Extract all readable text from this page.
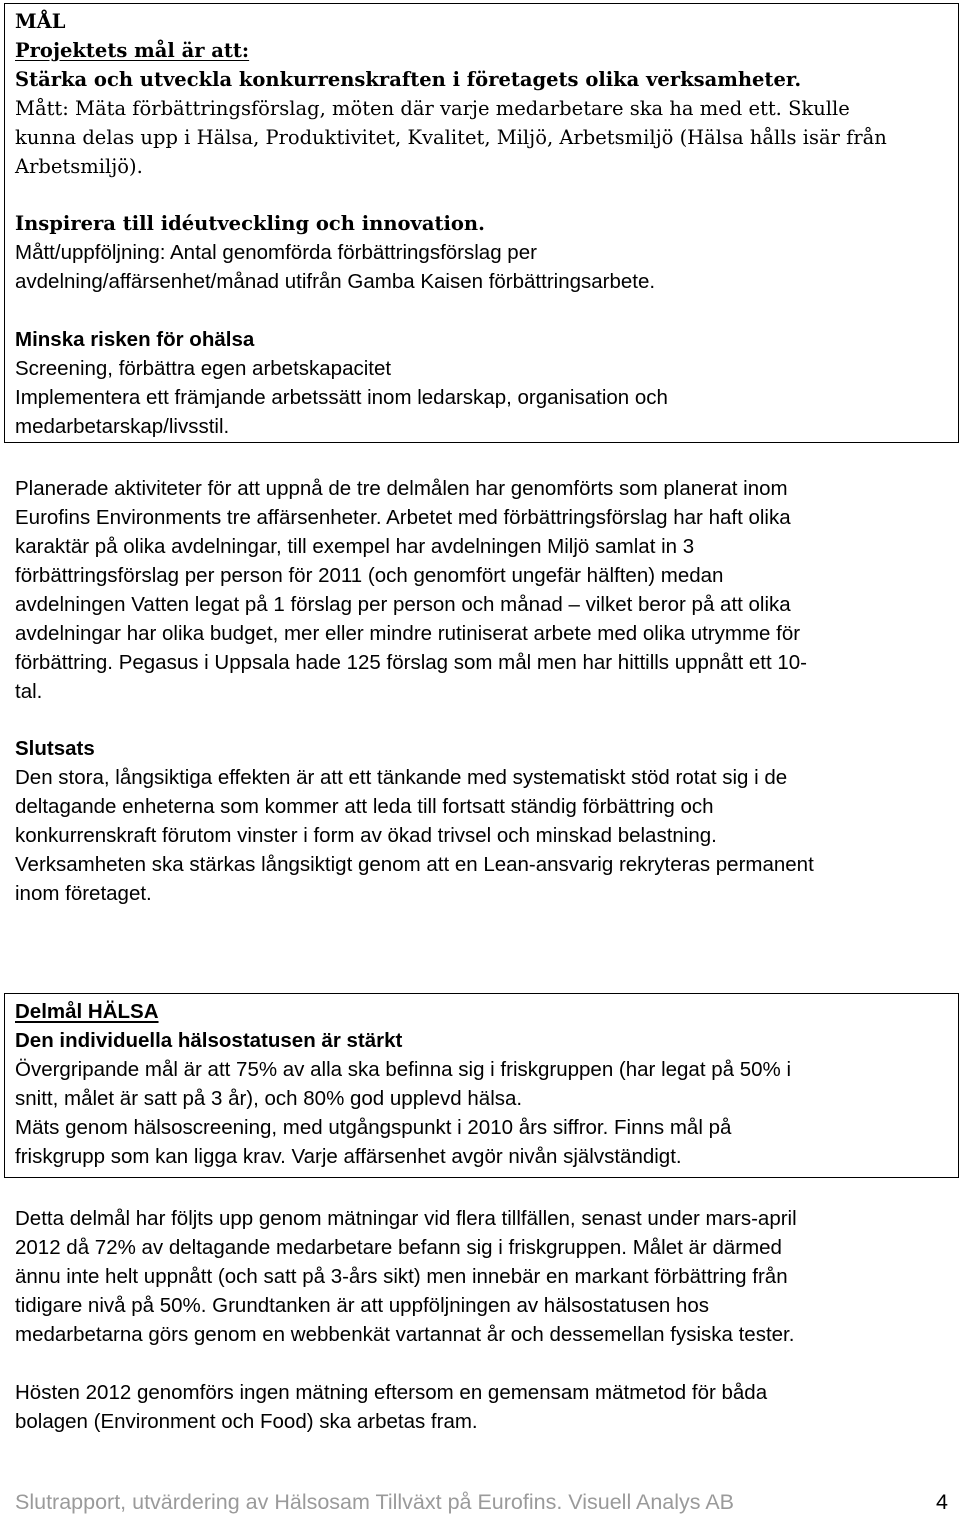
MÅL
Projektets mål är att:
Stärka och utveckla konkurrenskraften i företagets olika verksamheter.
Mått: Mäta förbättringsförslag, möten där varje medarbetare ska ha med ett. Skulle
kunna delas upp i Hälsa, Produktivitet, Kvalitet, Miljö, Arbetsmiljö (Hälsa hålls isär från
Arbetsmiljö).
Inspirera till idéutveckling och innovation.
Mått/uppföljning: Antal genomförda förbättringsförslag per
avdelning/affärsenhet/månad utifrån Gamba Kaisen förbättringsarbete.
Minska risken för ohälsa
Screening, förbättra egen arbetskapacitet
Implementera ett främjande arbetssätt inom ledarskap, organisation och
medarbetarskap/livsstil.
Planerade aktiviteter för att uppnå de tre delmålen har genomförts som planerat inom
Eurofins Environments tre affärsenheter. Arbetet med förbättringsförslag har haft olika
karaktär på olika avdelningar, till exempel har avdelningen Miljö samlat in 3
förbättringsförslag per person för 2011 (och genomfört ungefär hälften) medan
avdelningen Vatten legat på 1 förslag per person och månad – vilket beror på att olika
avdelningar har olika budget, mer eller mindre rutiniserat arbete med olika utrymme för
förbättring. Pegasus i Uppsala hade 125 förslag som mål men har hittills uppnått ett 10-
tal.
Slutsats
Den stora, långsiktiga effekten är att ett tänkande med systematiskt stöd rotat sig i de
deltagande enheterna som kommer att leda till fortsatt ständig förbättring och
konkurrenskraft förutom vinster i form av ökad trivsel och minskad belastning.
Verksamheten ska stärkas långsiktigt genom att en Lean-ansvarig rekryteras permanent
inom företaget.
Delmål HÄLSA
Den individuella hälsostatusen är stärkt
Övergripande mål är att 75% av alla ska befinna sig i friskgruppen (har legat på 50% i
snitt, målet är satt på 3 år), och 80% god upplevd hälsa.
Mäts genom hälsoscreening, med utgångspunkt i 2010 års siffror. Finns mål på
friskgrupp som kan ligga krav. Varje affärsenhet avgör nivån självständigt.
Detta delmål har följts upp genom mätningar vid flera tillfällen, senast under mars-april
2012 då 72% av deltagande medarbetare befann sig i friskgruppen. Målet är därmed
ännu inte helt uppnått (och satt på 3-års sikt) men innebär en markant förbättring från
tidigare nivå på 50%. Grundtanken är att uppföljningen av hälsostatusen hos
medarbetarna görs genom en webbenkät vartannat år och dessemellan fysiska tester.
Hösten 2012 genomförs ingen mätning eftersom en gemensam mätmetod för båda
bolagen (Environment och Food) ska arbetas fram.
Slutrapport, utvärdering av Hälsosam Tillväxt på Eurofins. Visuell Analys AB	4
